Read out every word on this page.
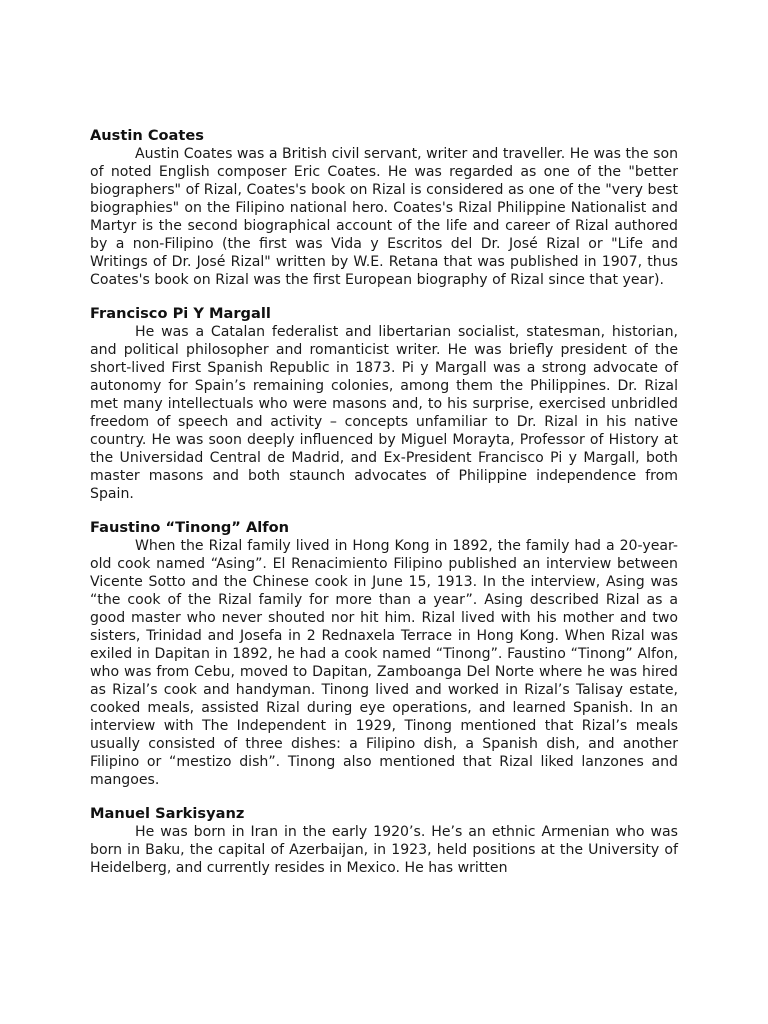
Austin Coates

Austin Coates was a British civil servant, writer and traveller. He was the son of noted English composer Eric Coates. He was regarded as one of the "better biographers" of Rizal, Coates's book on Rizal is considered as one of the "very best biographies" on the Filipino national hero. Coates's Rizal Philippine Nationalist and Martyr is the second biographical account of the life and career of Rizal authored by a non-Filipino (the first was Vida y Escritos del Dr. José Rizal or "Life and Writings of Dr. José Rizal" written by W.E. Retana that was published in 1907, thus Coates's book on Rizal was the first European biography of Rizal since that year).

Francisco Pi Y Margall

He was a Catalan federalist and libertarian socialist, statesman, historian, and political philosopher and romanticist writer. He was briefly president of the short-lived First Spanish Republic in 1873. Pi y Margall was a strong advocate of autonomy for Spain’s remaining colonies, among them the Philippines. Dr. Rizal met many intellectuals who were masons and, to his surprise, exercised unbridled freedom of speech and activity – concepts unfamiliar to Dr. Rizal in his native country. He was soon deeply influenced by Miguel Morayta, Professor of History at the Universidad Central de Madrid, and Ex-President Francisco Pi y Margall, both master masons and both staunch advocates of Philippine independence from Spain.

Faustino “Tinong” Alfon

When the Rizal family lived in Hong Kong in 1892, the family had a 20-year-old cook named “Asing”. El Renacimiento Filipino published an interview between Vicente Sotto and the Chinese cook in June 15, 1913. In the interview, Asing was “the cook of the Rizal family for more than a year”. Asing described Rizal as a good master who never shouted nor hit him. Rizal lived with his mother and two sisters, Trinidad and Josefa in 2 Rednaxela Terrace in Hong Kong. When Rizal was exiled in Dapitan in 1892, he had a cook named “Tinong”. Faustino “Tinong” Alfon, who was from Cebu, moved to Dapitan, Zamboanga Del Norte where he was hired as Rizal’s cook and handyman. Tinong lived and worked in Rizal’s Talisay estate, cooked meals, assisted Rizal during eye operations, and learned Spanish. In an interview with The Independent in 1929, Tinong mentioned that Rizal’s meals usually consisted of three dishes: a Filipino dish, a Spanish dish, and another Filipino or “mestizo dish”. Tinong also mentioned that Rizal liked lanzones and mangoes.

Manuel Sarkisyanz

He was born in Iran in the early 1920’s. He’s an ethnic Armenian who was born in Baku, the capital of Azerbaijan, in 1923, held positions at the University of Heidelberg, and currently resides in Mexico. He has written
